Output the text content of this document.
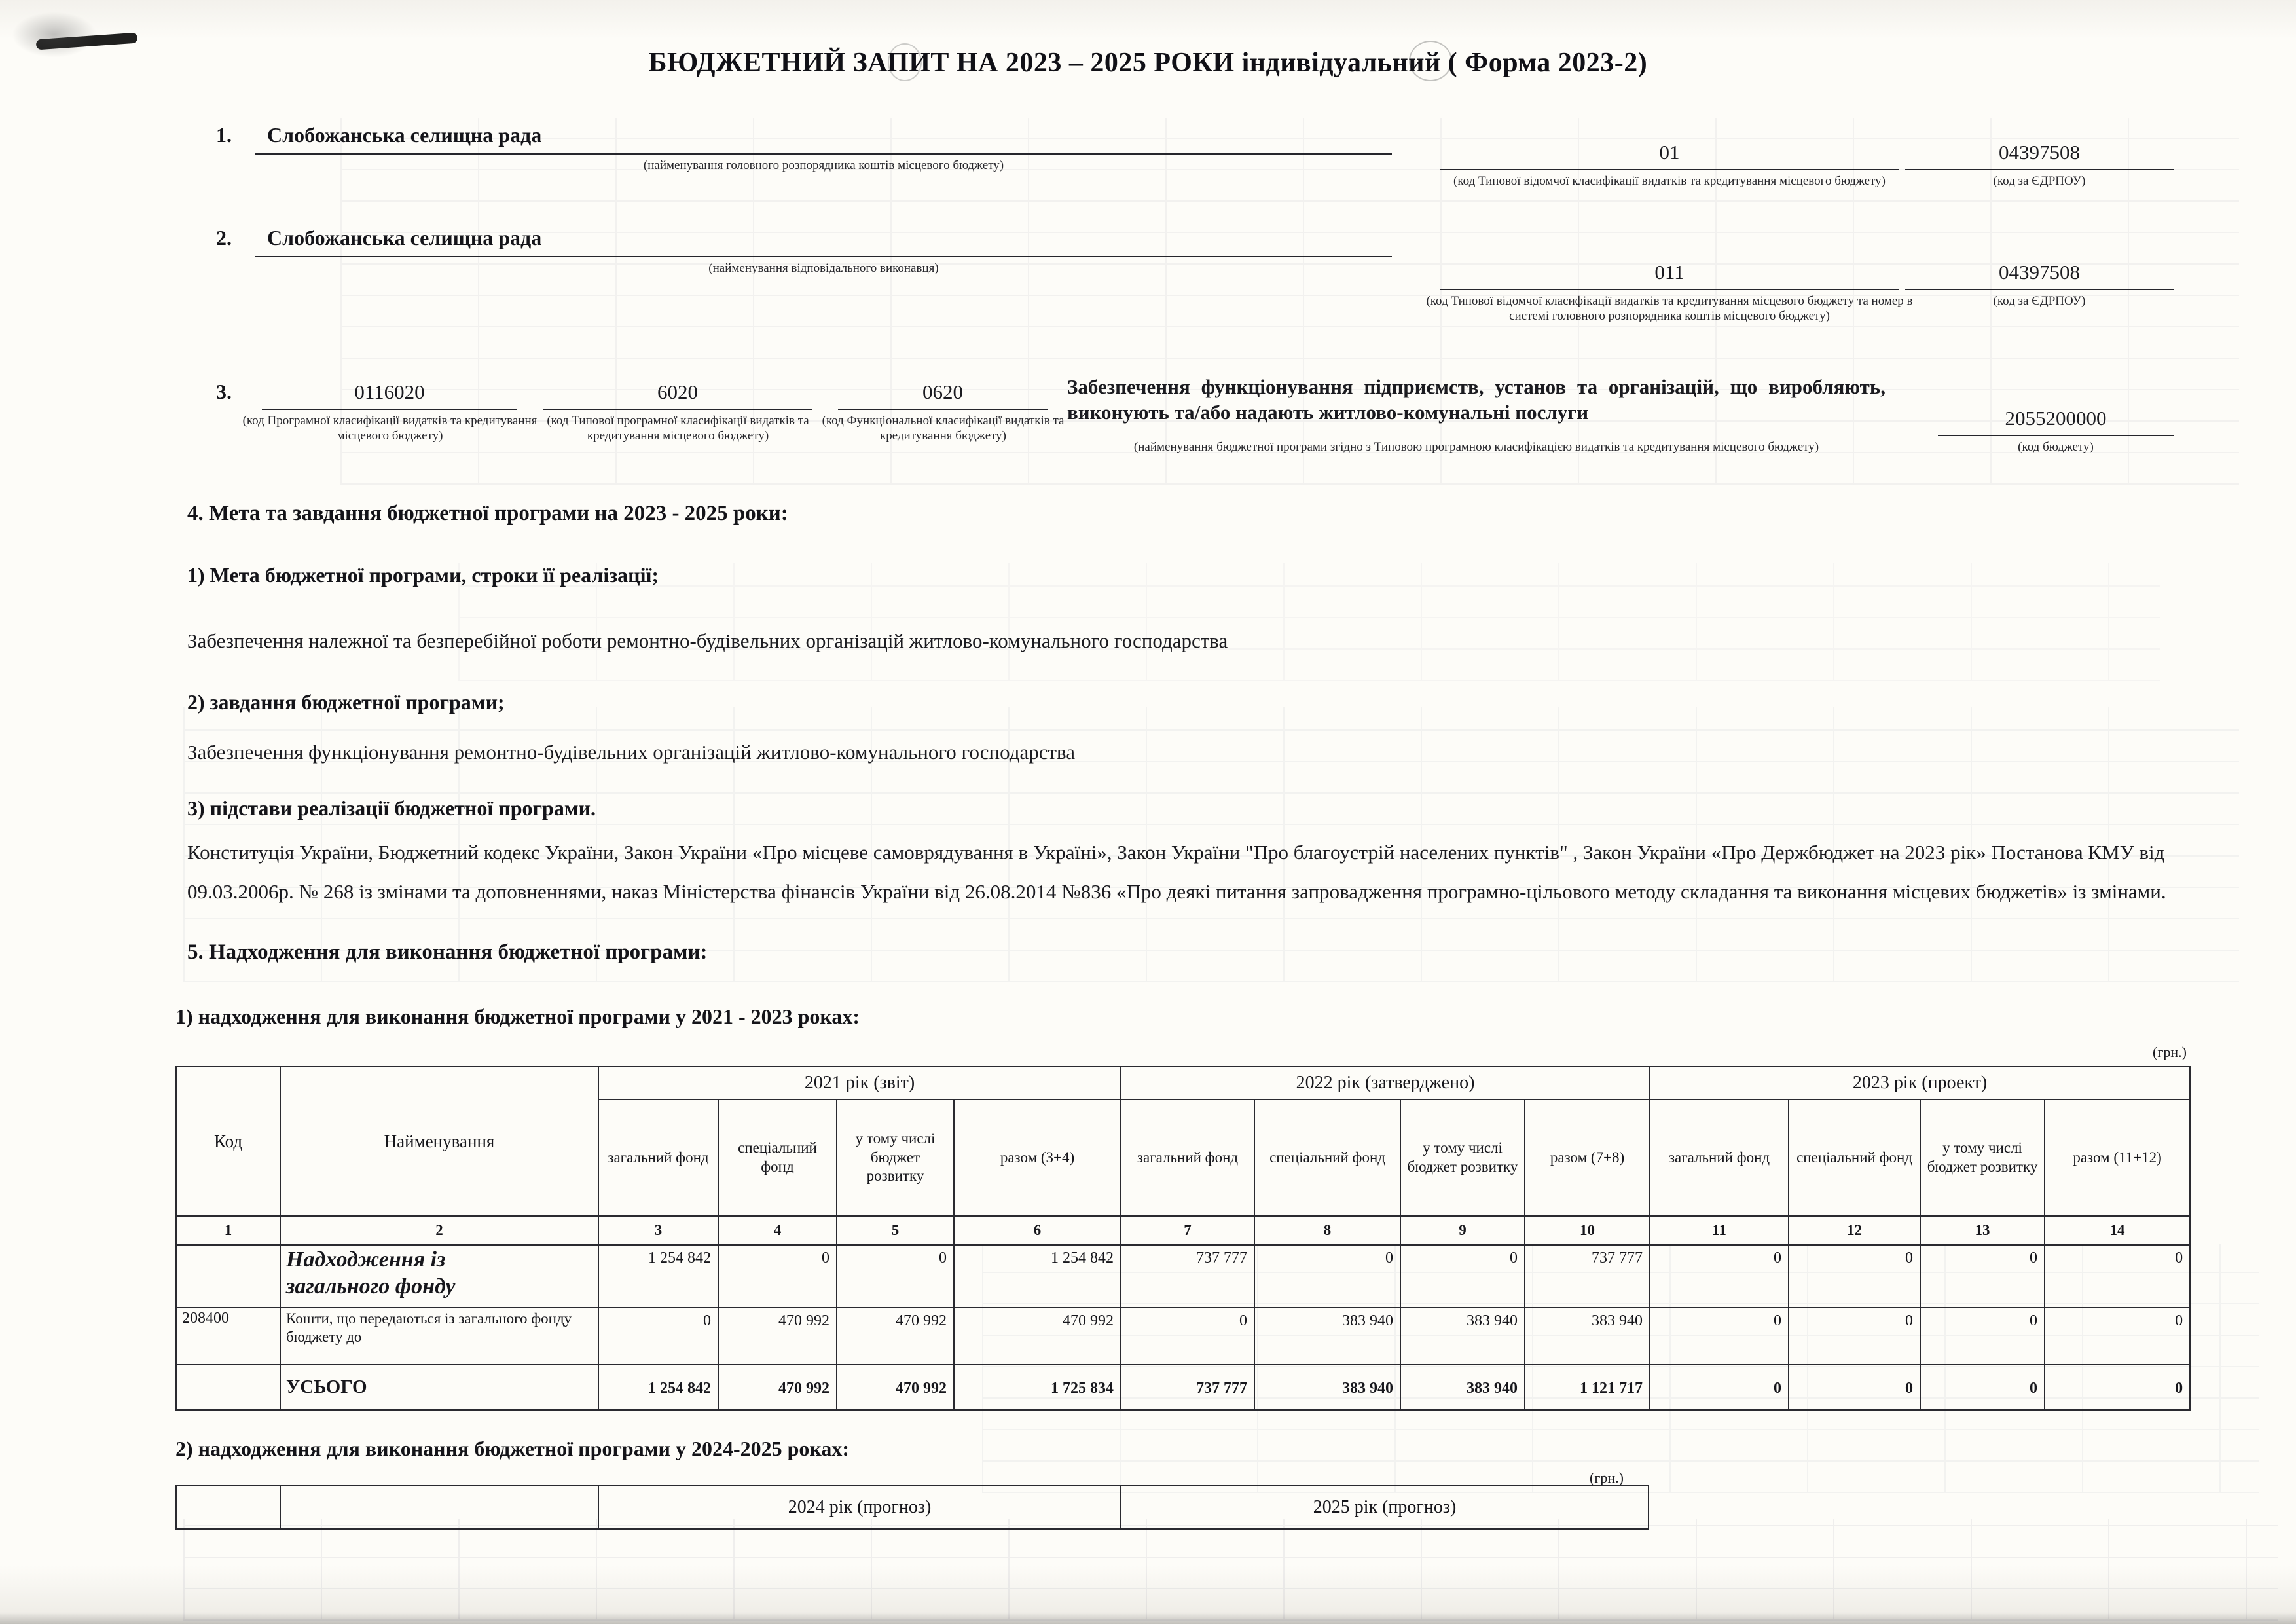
БЮДЖЕТНИЙ ЗАПИТ НА 2023 – 2025 РОКИ індивідуальний ( Форма 2023-2)
1. Слобожанська селищна рада
(найменування головного розпорядника коштів місцевого бюджету)
01
(код Типової відомчої класифікації видатків та кредитування місцевого бюджету)
04397508
(код за ЄДРПОУ)
2. Слобожанська селищна рада
(найменування відповідального виконавця)	011
(код Типової відомчої класифікації видатків та кредитування місцевого бюджету та номер в системі головного розпорядника коштів місцевого бюджету)
04397508
(код за ЄДРПОУ)
3.	0116020
(код Програмної класифікації видатків та кредитування місцевого бюджету)
6020
(код Типової програмної класифікації видатків та кредитування місцевого бюджету)
0620
(код Функціональної класифікації видатків та кредитування бюджету)
Забезпечення функціонування підприємств, установ та організацій, що виробляють, виконують та/або надають житлово-комунальні послуги
(найменування бюджетної програми згідно з Типовою програмною класифікацією видатків та кредитування місцевого бюджету)
2055200000
(код бюджету)
4. Мета та завдання бюджетної програми на 2023 - 2025 роки:
1) Мета бюджетної програми, строки її реалізації;
Забезпечення належної та безперебійної роботи ремонтно-будівельних організацій житлово-комунального господарства
2) завдання бюджетної програми;
Забезпечення функціонування ремонтно-будівельних організацій житлово-комунального господарства
3) підстави реалізації бюджетної програми.
Конституція України, Бюджетний кодекс України, Закон України «Про місцеве самоврядування в Україні», Закон України "Про благоустрій населених пунктів" , Закон України «Про Держбюджет на 2023 рік» Постанова КМУ від 09.03.2006р. № 268 із змінами та доповненнями, наказ Міністерства фінансів України від 26.08.2014 №836 «Про деякі питання запровадження програмно-цільового методу складання та виконання місцевих бюджетів» із змінами.
5. Надходження для виконання бюджетної програми:
1) надходження для виконання бюджетної програми у 2021 - 2023 роках:
(грн.)
Код	Найменування	2021 рік (звіт)				2022 рік (затверджено)				2023 рік (проект)			
		загальний фонд	спеціальний фонд	у тому числі бюджет розвитку	разом (3+4)	загальний фонд	спеціальний фонд	у тому числі бюджет розвитку	разом (7+8)	загальний фонд	спеціальний фонд	у тому числі бюджет розвитку	разом (11+12)
1	2	3	4	5	6	7	8	9	10	11	12	13	14

	Надходження із загального фонду	1 254 842	0	0	1 254 842	737 777	0	0	737 777	0	0	0	0
208400	Кошти, що передаються із загального фонду бюджету до	0	470 992	470 992	470 992	0	383 940	383 940	383 940	0	0	0	0
	УСЬОГО	1 254 842	470 992	470 992	1 725 834	737 777	383 940	383 940	1 121 717	0	0	0	0
2) надходження для виконання бюджетної програми у 2024-2025 роках:
(грн.)
		2024 рік (прогноз)	2025 рік (прогноз)
